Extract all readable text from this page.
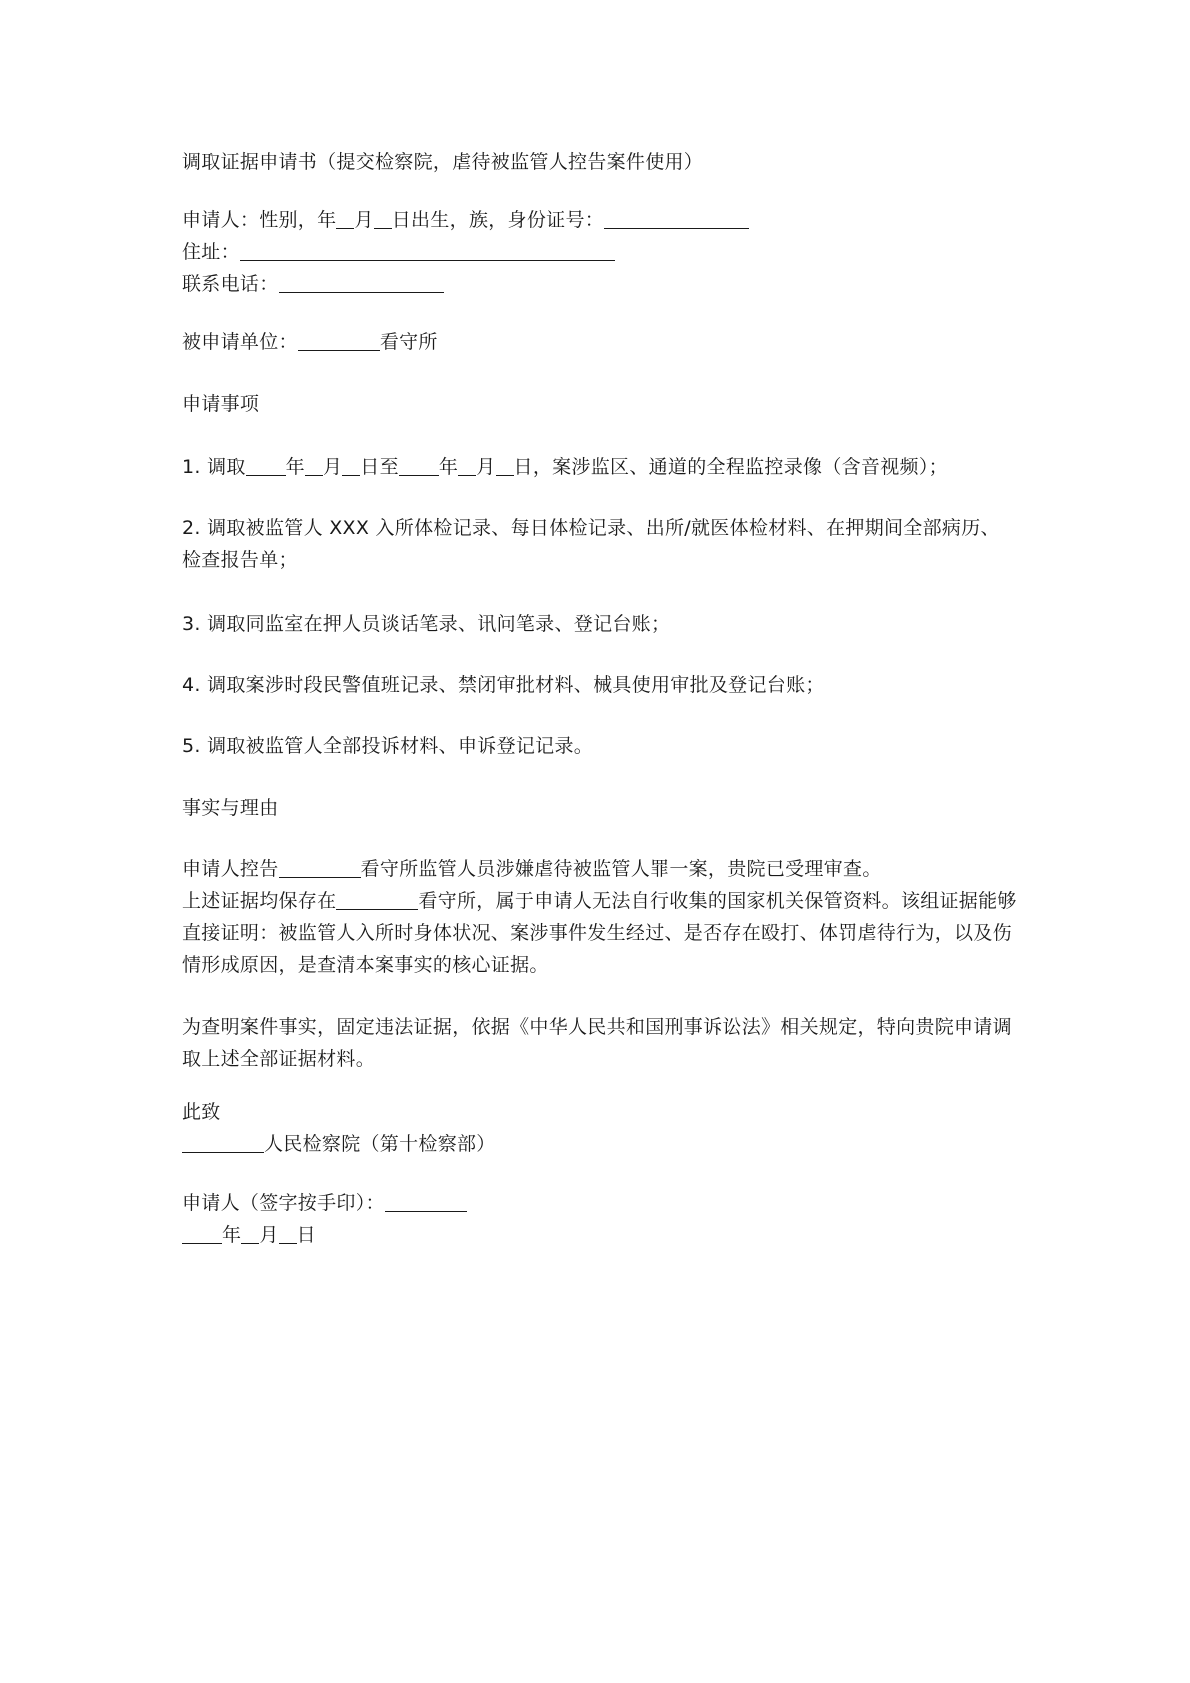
调取证据申请书（提交检察院，虐待被监管人控告案件使用）

申请人：性别，年 月 日出生，族，身份证号：

住址：

联系电话：

被申请单位：	看守所

申请事项

1. 调取 年 月 日至 年 月 日，案涉监区、通道的全程监控录像（含音视频）；

2. 调取被监管人 XXX 入所体检记录、每日体检记录、出所/就医体检材料、在押期间全部病历、检查报告单；

3. 调取同监室在押人员谈话笔录、讯问笔录、登记台账；

4. 调取案涉时段民警值班记录、禁闭审批材料、械具使用审批及登记台账；

5. 调取被监管人全部投诉材料、申诉登记记录。

事实与理由

申请人控告	看守所监管人员涉嫌虐待被监管人罪一案，贵院已受理审查。

上述证据均保存在	看守所，属于申请人无法自行收集的国家机关保管资料。该组证据能够直接证明：被监管人入所时身体状况、案涉事件发生经过、是否存在殴打、体罚虐待行为，以及伤情形成原因，是查清本案事实的核心证据。

为查明案件事实，固定违法证据，依据《中华人民共和国刑事诉讼法》相关规定，特向贵院申请调取上述全部证据材料。

此致

人民检察院（第十检察部）

申请人（签字按手印）：

年 月 日
